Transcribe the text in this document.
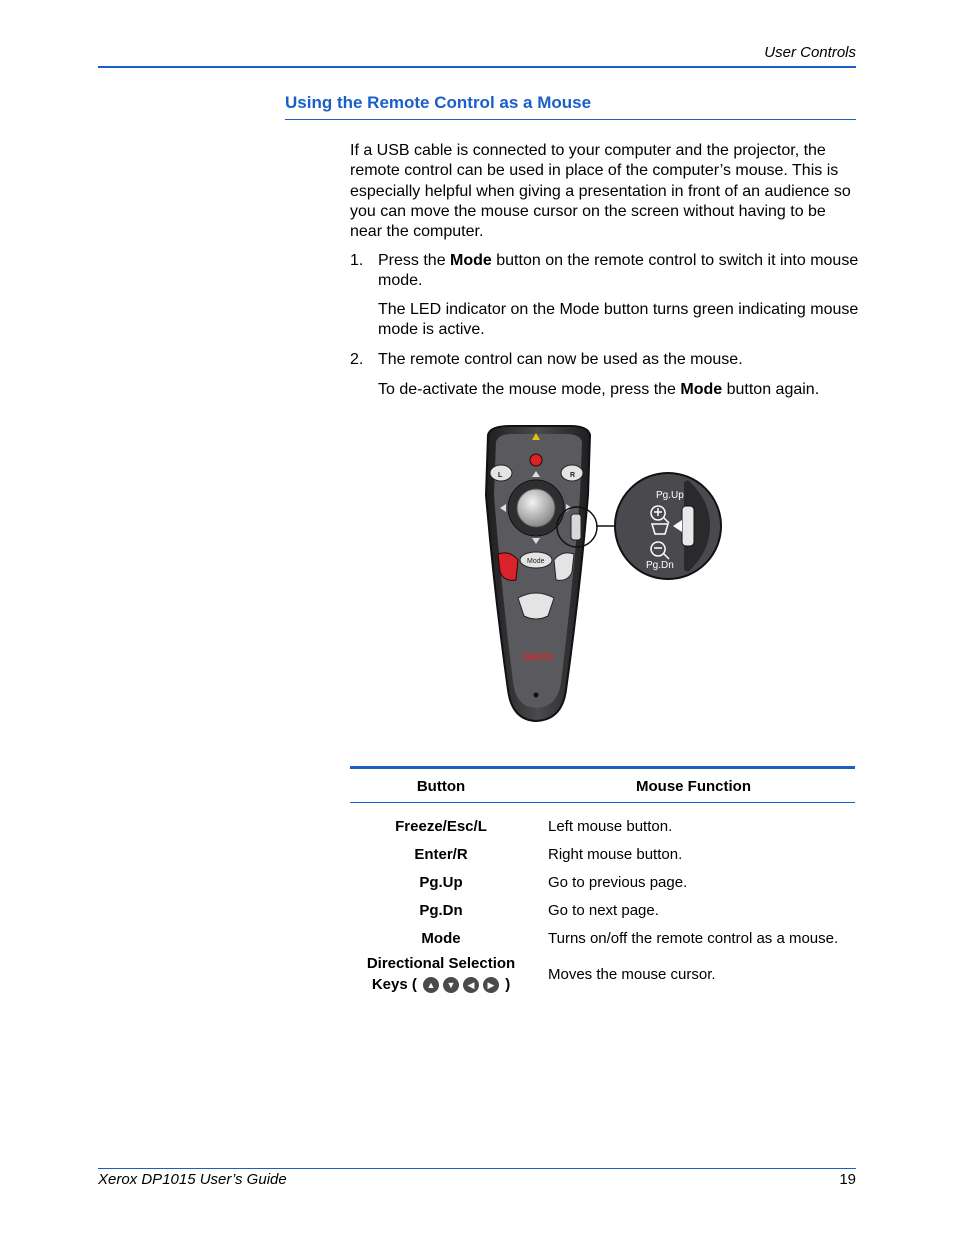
User Controls
Using the Remote Control as a Mouse
If a USB cable is connected to your computer and the projector, the remote control can be used in place of the computer’s mouse. This is especially helpful when giving a presentation in front of an audience so you can move the mouse cursor on the screen without having to be near the computer.
1. Press the Mode button on the remote control to switch it into mouse mode.
The LED indicator on the Mode button turns green indicating mouse mode is active.
2. The remote control can now be used as the mouse.
To de-activate the mouse mode, press the Mode button again.
L	R
Mode
XEROX
Pg.Up
Pg.Dn
Button	Mouse Function
Freeze/Esc/L	Left mouse button.
Enter/R	Right mouse button.
Pg.Up	Go to previous page.
Pg.Dn	Go to next page.
Mode	Turns on/off the remote control as a mouse.

Directional Selection
Keys ( ▲ ▼ ◀ ▶ )	Moves the mouse cursor.
Xerox DP1015 User’s Guide	19
